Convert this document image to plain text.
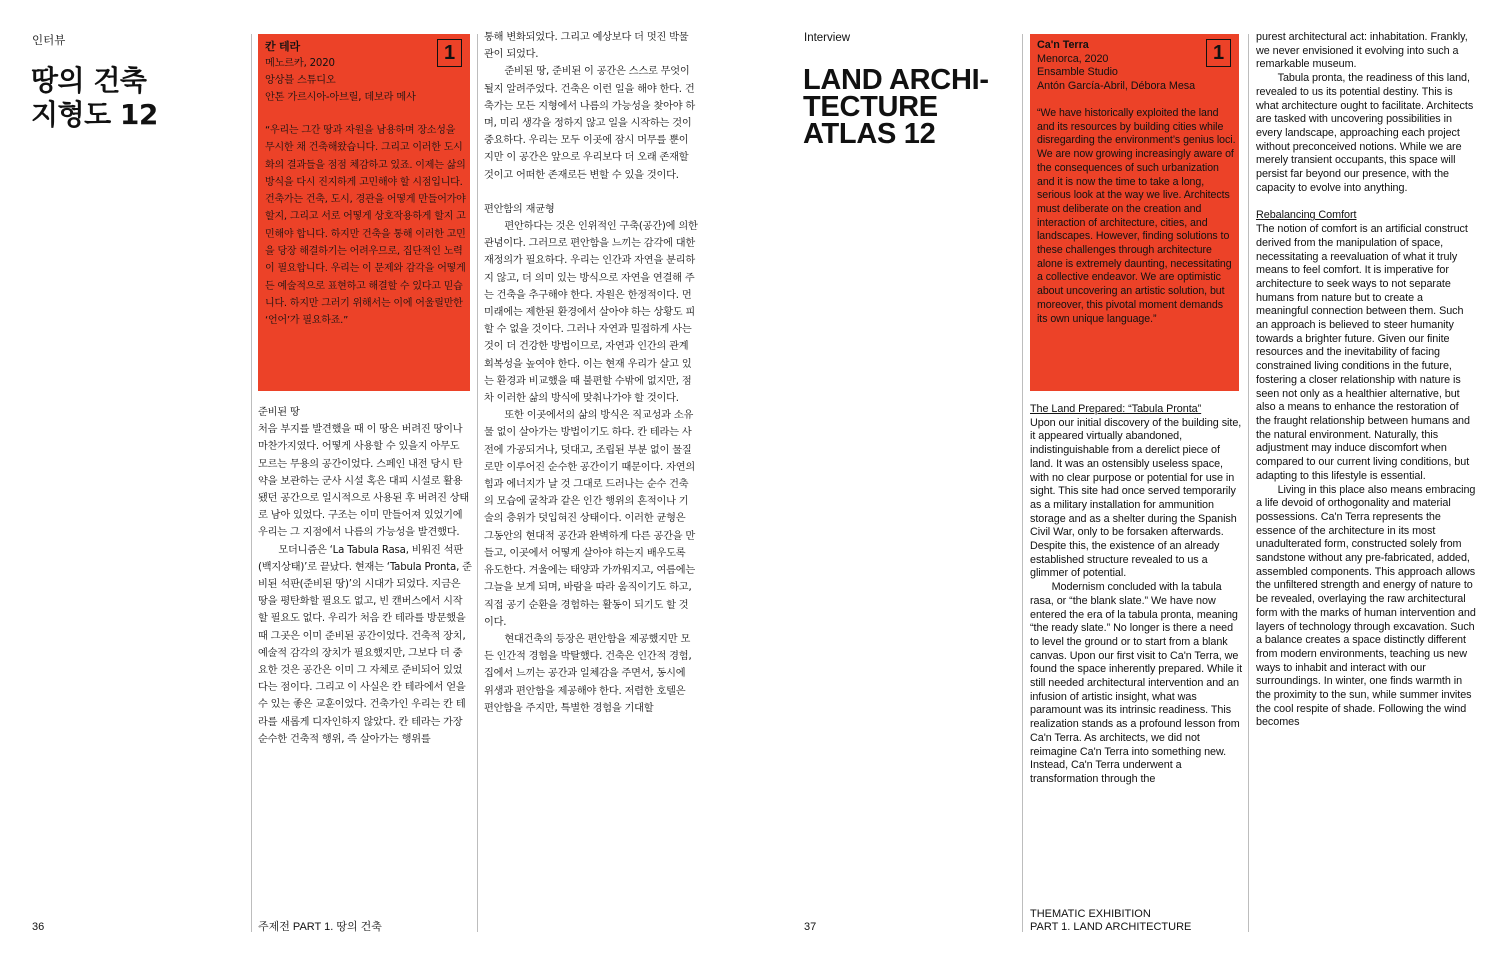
인터뷰
땅의 건축
지형도 12
1
칸 테라
메노르카, 2020
앙상블 스튜디오
안톤 가르시아-아브릴, 데보라 메사
“우리는 그간 땅과 자원을 남용하며 장소성을 무시한 채 건축해왔습니다. 그리고 이러한 도시화의 결과들을 점점 체감하고 있죠. 이제는 삶의 방식을 다시 진지하게 고민해야 할 시점입니다. 건축가는 건축, 도시, 경관을 어떻게 만들어가야 할지, 그리고 서로 어떻게 상호작용하게 할지 고민해야 합니다. 하지만 건축을 통해 이러한 고민을 당장 해결하기는 어려우므로, 집단적인 노력이 필요합니다. 우리는 이 문제와 감각을 어떻게든 예술적으로 표현하고 해결할 수 있다고 믿습니다. 하지만 그러기 위해서는 이에 어울릴만한 ‘언어’가 필요하죠.”

준비된 땅

처음 부지를 발견했을 때 이 땅은 버려진 땅이나 마찬가지였다. 어떻게 사용할 수 있을지 아무도 모르는 무용의 공간이었다. 스페인 내전 당시 탄약을 보관하는 군사 시설 혹은 대피 시설로 활용됐던 공간으로 일시적으로 사용된 후 버려진 상태로 남아 있었다. 구조는 이미 만들어져 있었기에 우리는 그 지점에서 나름의 가능성을 발견했다.

모더니즘은 ‘La Tabula Rasa, 비워진 석판(백지상태)’로 끝났다. 현재는 ‘Tabula Pronta, 준비된 석판(준비된 땅)’의 시대가 되었다. 지금은 땅을 평탄화할 필요도 없고, 빈 캔버스에서 시작할 필요도 없다. 우리가 처음 칸 테라를 방문했을 때 그곳은 이미 준비된 공간이었다. 건축적 장치, 예술적 감각의 장치가 필요했지만, 그보다 더 중요한 것은 공간은 이미 그 자체로 준비되어 있었다는 점이다. 그리고 이 사실은 칸 테라에서 얻을 수 있는 좋은 교훈이었다. 건축가인 우리는 칸 테라를 새롭게 디자인하지 않았다. 칸 테라는 가장 순수한 건축적 행위, 즉 살아가는 행위를

통해 변화되었다. 그리고 예상보다 더 멋진 박물관이 되었다.

준비된 땅, 준비된 이 공간은 스스로 무엇이 될지 알려주었다. 건축은 이런 일을 해야 한다. 건축가는 모든 지형에서 나름의 가능성을 찾아야 하며, 미리 생각을 정하지 않고 일을 시작하는 것이 중요하다. 우리는 모두 이곳에 잠시 머무를 뿐이지만 이 공간은 앞으로 우리보다 더 오래 존재할 것이고 어떠한 존재로든 변할 수 있을 것이다.

편안함의 재균형

편안하다는 것은 인위적인 구축(공간)에 의한 관념이다. 그러므로 편안함을 느끼는 감각에 대한 재정의가 필요하다. 우리는 인간과 자연을 분리하지 않고, 더 의미 있는 방식으로 자연을 연결해 주는 건축을 추구해야 한다. 자원은 한정적이다. 먼 미래에는 제한된 환경에서 살아야 하는 상황도 피할 수 없을 것이다. 그러나 자연과 밀접하게 사는 것이 더 건강한 방법이므로, 자연과 인간의 관계 회복성을 높여야 한다. 이는 현재 우리가 살고 있는 환경과 비교했을 때 불편할 수밖에 없지만, 점차 이러한 삶의 방식에 맞춰나가야 할 것이다.

또한 이곳에서의 삶의 방식은 직교성과 소유물 없이 살아가는 방법이기도 하다. 칸 테라는 사전에 가공되거나, 덧대고, 조립된 부분 없이 물질로만 이루어진 순수한 공간이기 때문이다. 자연의 힘과 에너지가 날 것 그대로 드러나는 순수 건축의 모습에 굴착과 같은 인간 행위의 흔적이나 기술의 층위가 덧입혀진 상태이다. 이러한 균형은 그동안의 현대적 공간과 완벽하게 다른 공간을 만들고, 이곳에서 어떻게 살아야 하는지 배우도록 유도한다. 겨울에는 태양과 가까워지고, 여름에는 그늘을 보게 되며, 바람을 따라 움직이기도 하고, 직접 공기 순환을 경험하는 활동이 되기도 할 것이다.

현대건축의 등장은 편안함을 제공했지만 모든 인간적 경험을 박탈했다. 건축은 인간적 경험, 집에서 느끼는 공간과 일체감을 주면서, 동시에 위생과 편안함을 제공해야 한다. 저렴한 호텔은 편안함을 주지만, 특별한 경험을 기대할

36	주제전 PART 1. 땅의 건축
Interview
LAND ARCHI-
TECTURE
ATLAS 12
1
Ca'n Terra
Menorca, 2020
Ensamble Studio
Antón García-Abril, Débora Mesa
“We have historically exploited the land and its resources by building cities while disregarding the environment’s genius loci. We are now growing increasingly aware of the consequences of such urbanization and it is now the time to take a long, serious look at the way we live. Architects must deliberate on the creation and interaction of architecture, cities, and landscapes. However, finding solutions to these challenges through architecture alone is extremely daunting, necessitating a collective endeavor. We are optimistic about uncovering an artistic solution, but moreover, this pivotal moment demands its own unique language.”

The Land Prepared: “Tabula Pronta”

Upon our initial discovery of the building site, it appeared virtually abandoned, indistinguishable from a derelict piece of land. It was an ostensibly useless space, with no clear purpose or potential for use in sight. This site had once served temporarily as a military installation for ammunition storage and as a shelter during the Spanish Civil War, only to be forsaken afterwards. Despite this, the existence of an already established structure revealed to us a glimmer of potential.

Modernism concluded with la tabula rasa, or “the blank slate.” We have now entered the era of la tabula pronta, meaning “the ready slate.” No longer is there a need to level the ground or to start from a blank canvas. Upon our first visit to Ca'n Terra, we found the space inherently prepared. While it still needed architectural intervention and an infusion of artistic insight, what was paramount was its intrinsic readiness. This realization stands as a profound lesson from Ca'n Terra. As architects, we did not reimagine Ca'n Terra into something new. Instead, Ca'n Terra underwent a transformation through the

purest architectural act: inhabitation. Frankly, we never envisioned it evolving into such a remarkable museum.

Tabula pronta, the readiness of this land, revealed to us its potential destiny. This is what architecture ought to facilitate. Architects are tasked with uncovering possibilities in every landscape, approaching each project without preconceived notions. While we are merely transient occupants, this space will persist far beyond our presence, with the capacity to evolve into anything.

Rebalancing Comfort

The notion of comfort is an artificial construct derived from the manipulation of space, necessitating a reevaluation of what it truly means to feel comfort. It is imperative for architecture to seek ways to not separate humans from nature but to create a meaningful connection between them. Such an approach is believed to steer humanity towards a brighter future. Given our finite resources and the inevitability of facing constrained living conditions in the future, fostering a closer relationship with nature is seen not only as a healthier alternative, but also a means to enhance the restoration of the fraught relationship between humans and the natural environment. Naturally, this adjustment may induce discomfort when compared to our current living conditions, but adapting to this lifestyle is essential.

Living in this place also means embracing a life devoid of orthogonality and material possessions. Ca'n Terra represents the essence of the architecture in its most unadulterated form, constructed solely from sandstone without any pre-fabricated, added, assembled components. This approach allows the unfiltered strength and energy of nature to be revealed, overlaying the raw architectural form with the marks of human intervention and layers of technology through excavation. Such a balance creates a space distinctly different from modern environments, teaching us new ways to inhabit and interact with our surroundings. In winter, one finds warmth in the proximity to the sun, while summer invites the cool respite of shade. Following the wind becomes

37
THEMATIC EXHIBITION
PART 1. LAND ARCHITECTURE
